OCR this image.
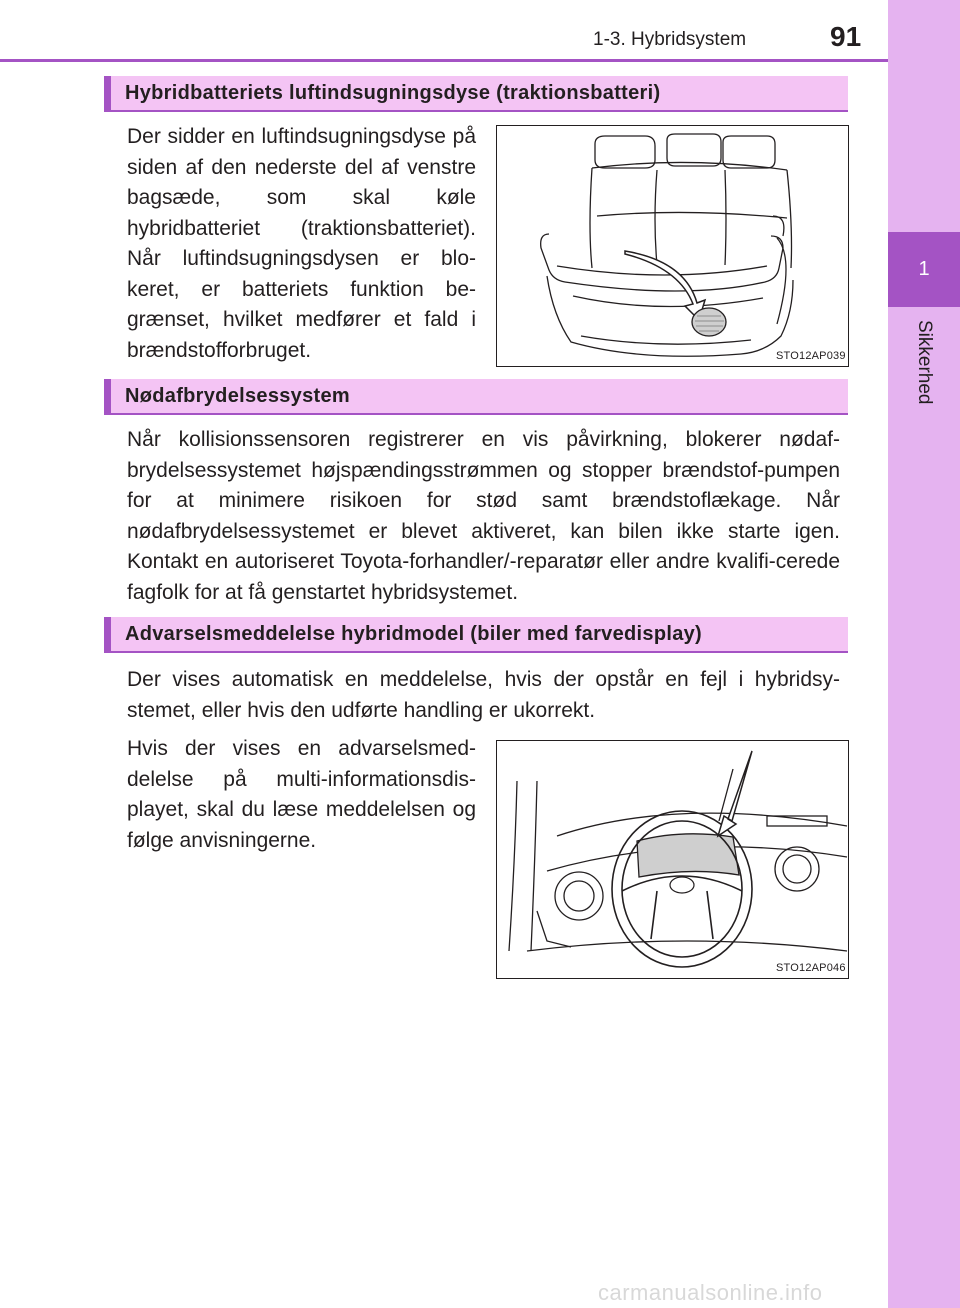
1
Sikkerhed
1-3. Hybridsystem	91
Hybridbatteriets luftindsugningsdyse (traktionsbatteri)
Der sidder en luftindsugningsdyse på siden af den nederste del af venstre bagsæde, som skal køle hybridbatteriet (traktionsbatteriet). Når luftindsugningsdysen er blo-keret, er batteriets funktion be-grænset, hvilket medfører et fald i brændstofforbruget.	STO12AP039
Nødafbrydelsessystem
Når kollisionssensoren registrerer en vis påvirkning, blokerer nødaf-brydelsessystemet højspændingsstrømmen og stopper brændstof-pumpen for at minimere risikoen for stød samt brændstoflækage. Når nødafbrydelsessystemet er blevet aktiveret, kan bilen ikke starte igen. Kontakt en autoriseret Toyota-forhandler/-reparatør eller andre kvalifi-cerede fagfolk for at få genstartet hybridsystemet.
Advarselsmeddelelse hybridmodel (biler med farvedisplay)
Der vises automatisk en meddelelse, hvis der opstår en fejl i hybridsy-stemet, eller hvis den udførte handling er ukorrekt.
Hvis der vises en advarselsmed-delelse på multi-informationsdis-playet, skal du læse meddelelsen og følge anvisningerne.
STO12AP046
carmanualsonline.info
